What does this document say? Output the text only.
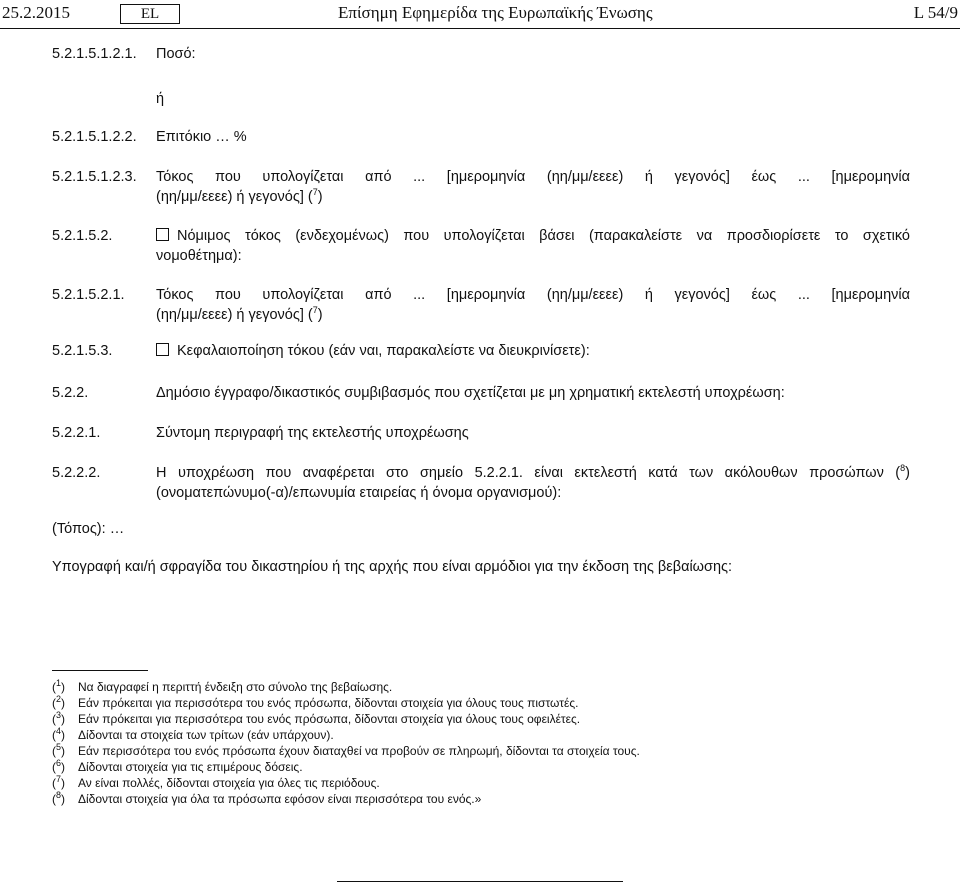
25.2.2015	EL	Επίσημη Εφημερίδα της Ευρωπαϊκής Ένωσης	L 54/9
5.2.1.5.1.2.1.	Ποσό:
ή
5.2.1.5.1.2.2.	Επιτόκιο … %
5.2.1.5.1.2.3.	Τόκος που υπολογίζεται από ... [ημερομηνία (ηη/μμ/εεεε) ή γεγονός] έως ... [ημερομηνία
(ηη/μμ/εεεε) ή γεγονός] ($^7$)
5.2.1.5.2.	Νόμιμος τόκος (ενδεχομένως) που υπολογίζεται βάσει (παρακαλείστε να προσδιορίσετε το σχετικό
νομοθέτημα):
5.2.1.5.2.1.	Τόκος που υπολογίζεται από ... [ημερομηνία (ηη/μμ/εεεε) ή γεγονός] έως ... [ημερομηνία
(ηη/μμ/εεεε) ή γεγονός] ($^7$)
5.2.1.5.3.	Κεφαλαιοποίηση τόκου (εάν ναι, παρακαλείστε να διευκρινίσετε):
5.2.2.	Δημόσιο έγγραφο/δικαστικός συμβιβασμός που σχετίζεται με μη χρηματική εκτελεστή υποχρέωση:
5.2.2.1.	Σύντομη περιγραφή της εκτελεστής υποχρέωσης
5.2.2.2.	Η υποχρέωση που αναφέρεται στο σημείο 5.2.2.1. είναι εκτελεστή κατά των ακόλουθων προσώπων ($^8$)
(ονοματεπώνυμο(-α)/επωνυμία εταιρείας ή όνομα οργανισμού):
(Τόπος): …
Υπογραφή και/ή σφραγίδα του δικαστηρίου ή της αρχής που είναι αρμόδιοι για την έκδοση της βεβαίωσης:
($^1$) Να διαγραφεί η περιττή ένδειξη στο σύνολο της βεβαίωσης.
($^2$) Εάν πρόκειται για περισσότερα του ενός πρόσωπα, δίδονται στοιχεία για όλους τους πιστωτές.
($^3$) Εάν πρόκειται για περισσότερα του ενός πρόσωπα, δίδονται στοιχεία για όλους τους οφειλέτες.
($^4$) Δίδονται τα στοιχεία των τρίτων (εάν υπάρχουν).
($^5$) Εάν περισσότερα του ενός πρόσωπα έχουν διαταχθεί να προβούν σε πληρωμή, δίδονται τα στοιχεία τους.
($^6$) Δίδονται στοιχεία για τις επιμέρους δόσεις.
($^7$) Αν είναι πολλές, δίδονται στοιχεία για όλες τις περιόδους.
($^8$) Δίδονται στοιχεία για όλα τα πρόσωπα εφόσον είναι περισσότερα του ενός.»
